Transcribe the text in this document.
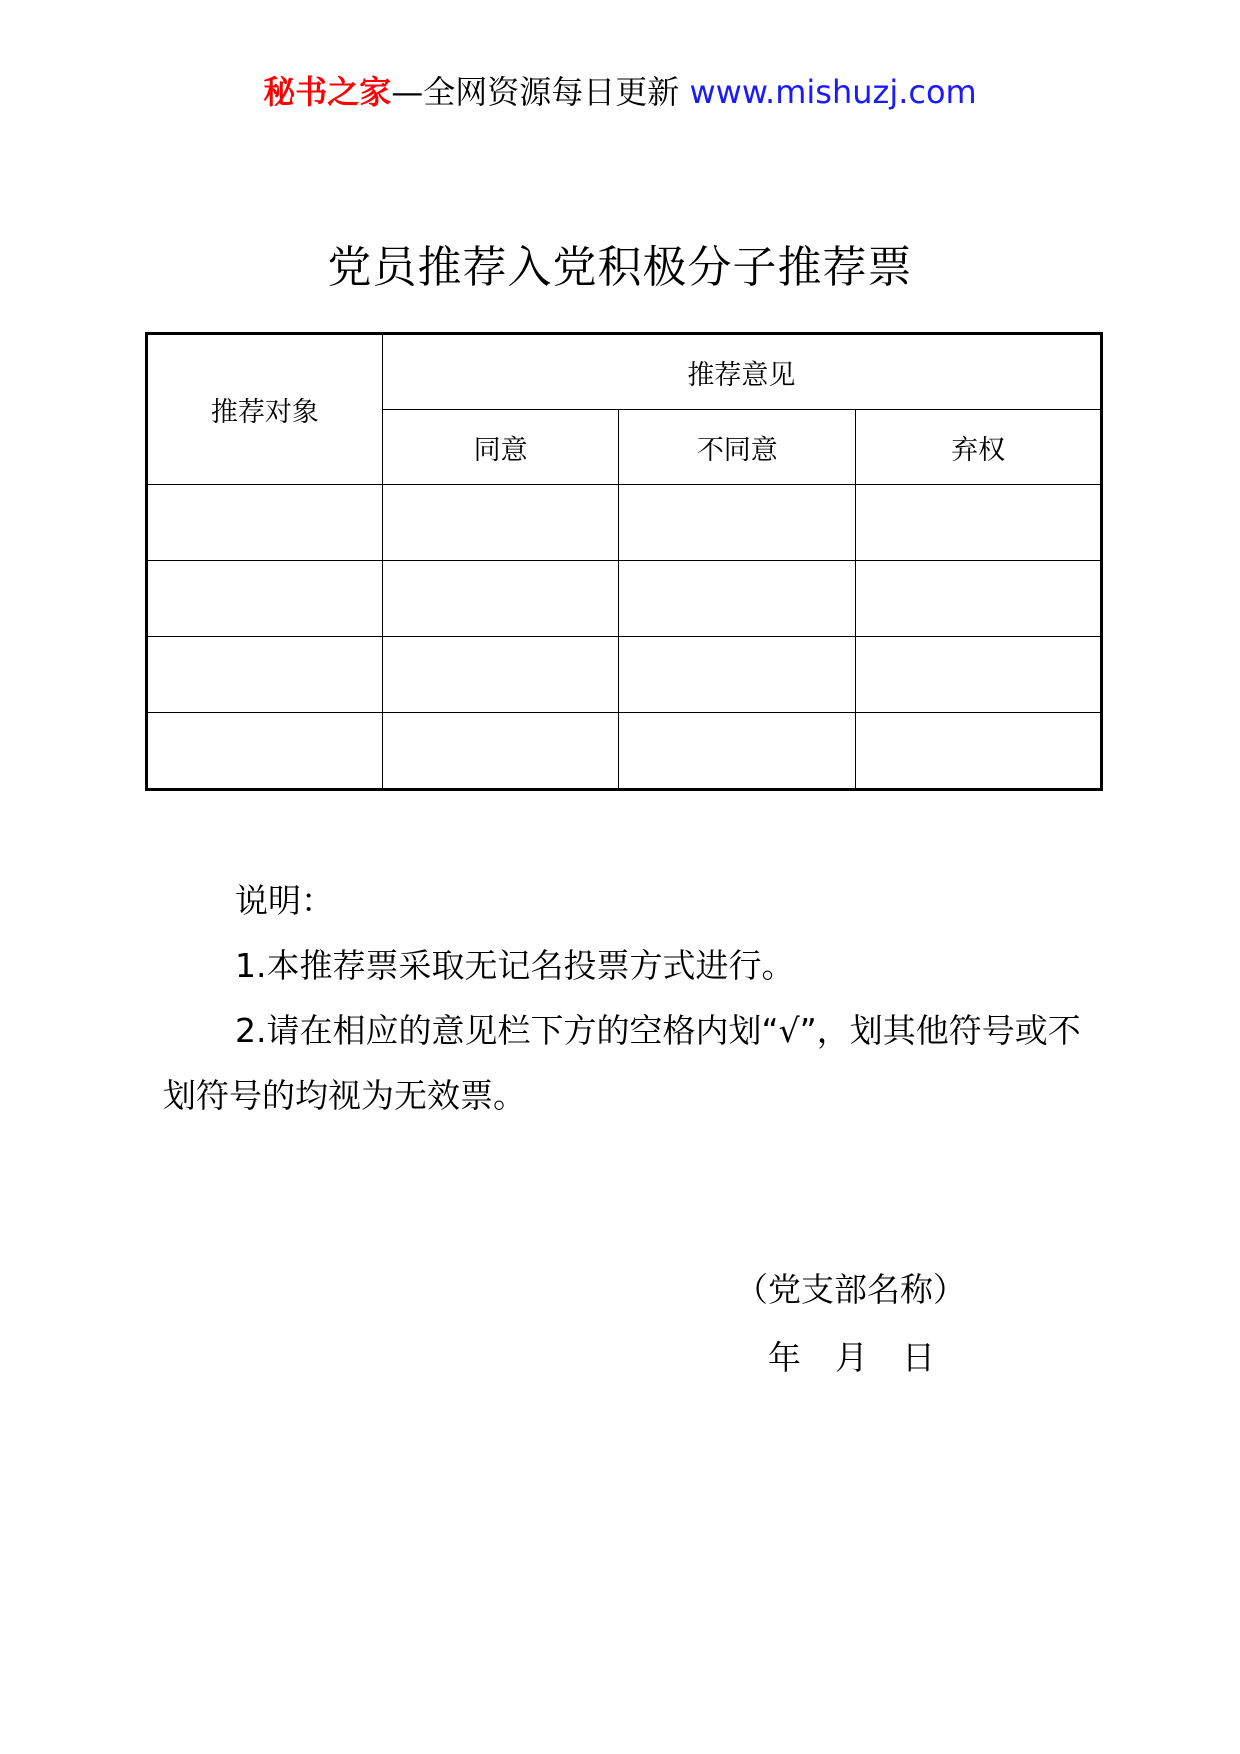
秘书之家—全网资源每日更新 www.mishuzj.com
党员推荐入党积极分子推荐票
推荐对象	推荐意见		
	同意	不同意	弃权

说明：

1.本推荐票采取无记名投票方式进行。

2.请在相应的意见栏下方的空格内划“√”，划其他符号或不划符号的均视为无效票。

（党支部名称）
年 月 日
